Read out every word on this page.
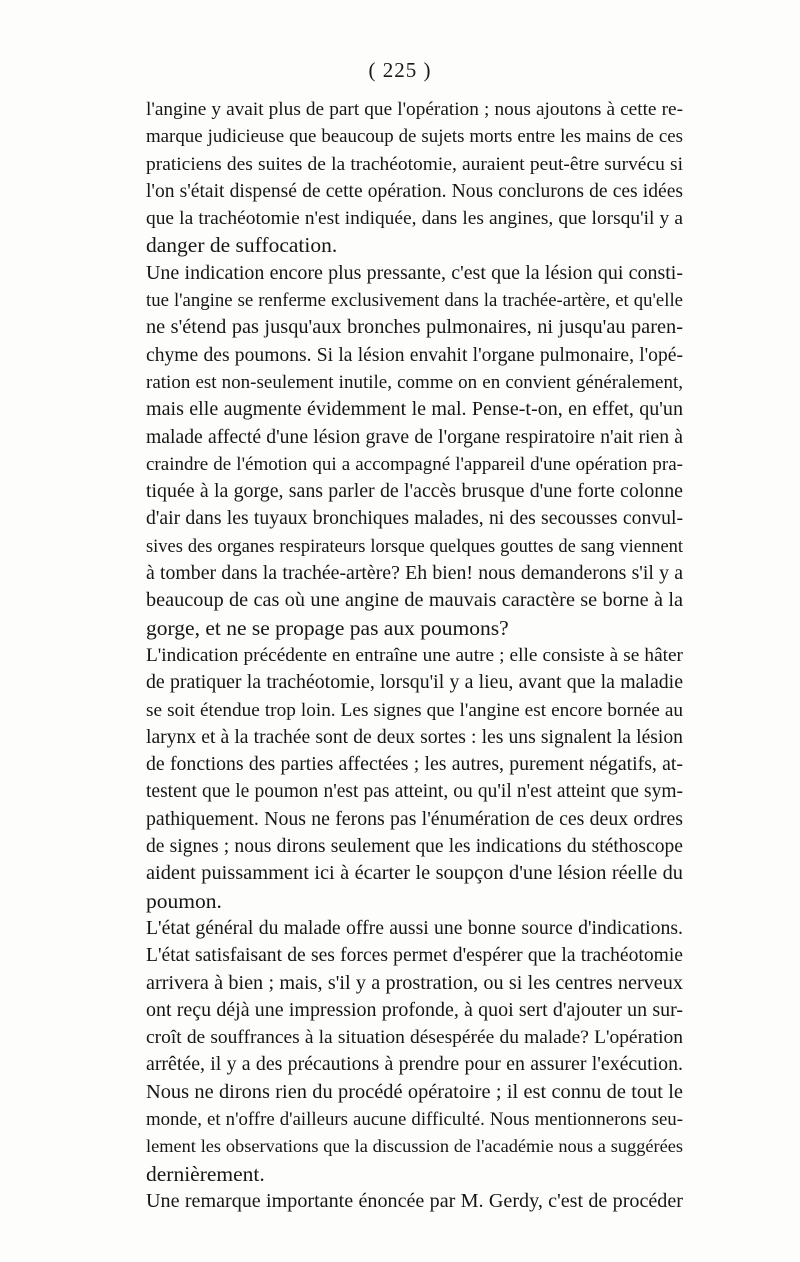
( 225 )

l'angine y avait plus de part que l'opération ; nous ajoutons à cette re-
marque judicieuse que beaucoup de sujets morts entre les mains de ces
praticiens des suites de la trachéotomie, auraient peut-être survécu si
l'on s'était dispensé de cette opération. Nous conclurons de ces idées
que la trachéotomie n'est indiquée, dans les angines, que lorsqu'il y a
danger de suffocation.

Une indication encore plus pressante, c'est que la lésion qui consti-
tue l'angine se renferme exclusivement dans la trachée-artère, et qu'elle
ne s'étend pas jusqu'aux bronches pulmonaires, ni jusqu'au paren-
chyme des poumons. Si la lésion envahit l'organe pulmonaire, l'opé-
ration est non-seulement inutile, comme on en convient généralement,
mais elle augmente évidemment le mal. Pense-t-on, en effet, qu'un
malade affecté d'une lésion grave de l'organe respiratoire n'ait rien à
craindre de l'émotion qui a accompagné l'appareil d'une opération pra-
tiquée à la gorge, sans parler de l'accès brusque d'une forte colonne
d'air dans les tuyaux bronchiques malades, ni des secousses convul-
sives des organes respirateurs lorsque quelques gouttes de sang viennent
à tomber dans la trachée-artère? Eh bien! nous demanderons s'il y a
beaucoup de cas où une angine de mauvais caractère se borne à la
gorge, et ne se propage pas aux poumons?

L'indication précédente en entraîne une autre ; elle consiste à se hâter
de pratiquer la trachéotomie, lorsqu'il y a lieu, avant que la maladie
se soit étendue trop loin. Les signes que l'angine est encore bornée au
larynx et à la trachée sont de deux sortes : les uns signalent la lésion
de fonctions des parties affectées ; les autres, purement négatifs, at-
testent que le poumon n'est pas atteint, ou qu'il n'est atteint que sym-
pathiquement. Nous ne ferons pas l'énumération de ces deux ordres
de signes ; nous dirons seulement que les indications du stéthoscope
aident puissamment ici à écarter le soupçon d'une lésion réelle du
poumon.

L'état général du malade offre aussi une bonne source d'indications.
L'état satisfaisant de ses forces permet d'espérer que la trachéotomie
arrivera à bien ; mais, s'il y a prostration, ou si les centres nerveux
ont reçu déjà une impression profonde, à quoi sert d'ajouter un sur-
croît de souffrances à la situation désespérée du malade? L'opération
arrêtée, il y a des précautions à prendre pour en assurer l'exécution.
Nous ne dirons rien du procédé opératoire ; il est connu de tout le
monde, et n'offre d'ailleurs aucune difficulté. Nous mentionnerons seu-
lement les observations que la discussion de l'académie nous a suggérées
dernièrement.

Une remarque importante énoncée par M. Gerdy, c'est de procéder
